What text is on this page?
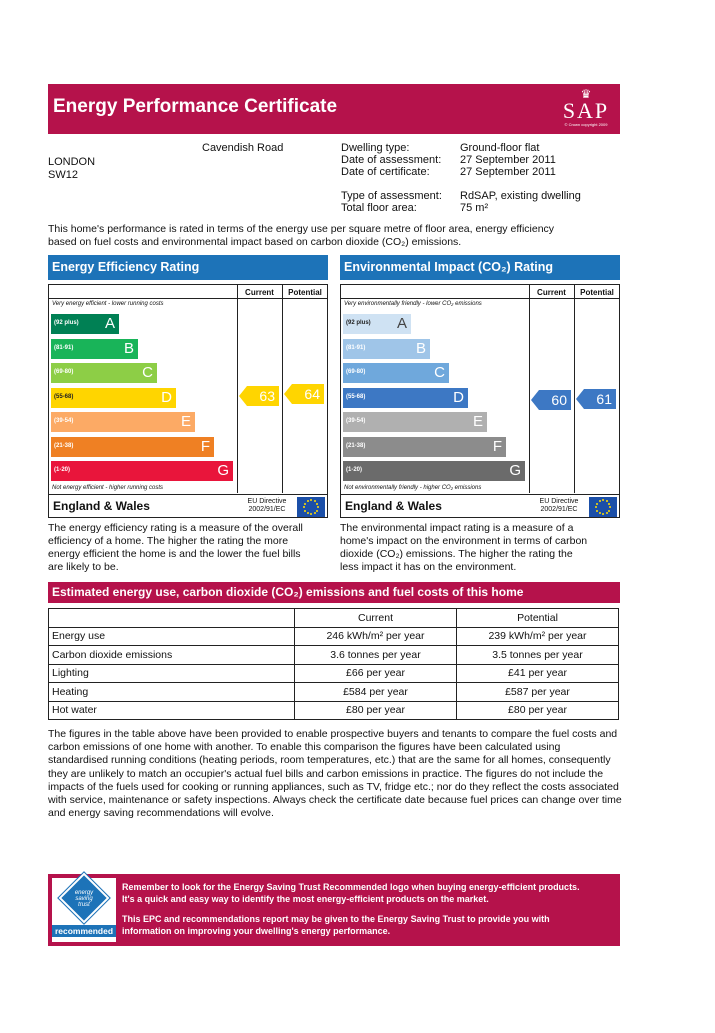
Energy Performance Certificate
♛
SAP
© Crown copyright 2009
Cavendish Road
LONDON
SW12
Dwelling type:	Ground-floor flat
Date of assessment: 27 September 2011
Date of certificate:	27 September 2011
Type of assessment: RdSAP, existing dwelling
Total floor area:	75 m²
This home's performance is rated in terms of the energy use per square metre of floor area, energy efficiency
based on fuel costs and environmental impact based on carbon dioxide (CO₂) emissions.
Energy Efficiency Rating
Current	Potential
Very energy efficient - lower running costs
Not energy efficient - higher running costs
(92 plus) A
(81-91)	B
(69-80)	C
(55-68)	D
(39-54)	E
(21-38)	F
(1-20)	G
63 64
England & Wales	EU Directive
2002/91/EC
The energy efficiency rating is a measure of the overall
efficiency of a home. The higher the rating the more
energy efficient the home is and the lower the fuel bills
are likely to be.
Environmental Impact (CO₂) Rating
Current	Potential
Very environmentally friendly - lower CO₂ emissions
Not environmentally friendly - higher CO₂ emissions
(92 plus) A
(81-91)	B
(69-80)	C
(55-68)	D
(39-54)	E
(21-38)	F
(1-20)	G
60 61
England & Wales	EU Directive
2002/91/EC
The environmental impact rating is a measure of a
home's impact on the environment in terms of carbon
dioxide (CO₂) emissions. The higher the rating the
less impact it has on the environment.
Estimated energy use, carbon dioxide (CO₂) emissions and fuel costs of this home
	Current	Potential
Energy use	246 kWh/m² per year	239 kWh/m² per year
Carbon dioxide emissions	3.6 tonnes per year	3.5 tonnes per year
Lighting	£66 per year	£41 per year
Heating	£584 per year	£587 per year
Hot water	£80 per year	£80 per year
The figures in the table above have been provided to enable prospective buyers and tenants to compare the fuel costs and carbon emissions of one home with another. To enable this comparison the figures have been calculated using standardised running conditions (heating periods, room temperatures, etc.) that are the same for all homes, consequently they are unlikely to match an occupier's actual fuel bills and carbon emissions in practice. The figures do not include the impacts of the fuels used for cooking or running appliances, such as TV, fridge etc.; nor do they reflect the costs associated with service, maintenance or safety inspections. Always check the certificate date because fuel prices can change over time and energy saving recommendations will evolve.
energy saving trust
recommended
Remember to look for the Energy Saving Trust Recommended logo when buying energy-efficient products.
It's a quick and easy way to identify the most energy-efficient products on the market.
This EPC and recommendations report may be given to the Energy Saving Trust to provide you with
information on improving your dwelling's energy performance.
